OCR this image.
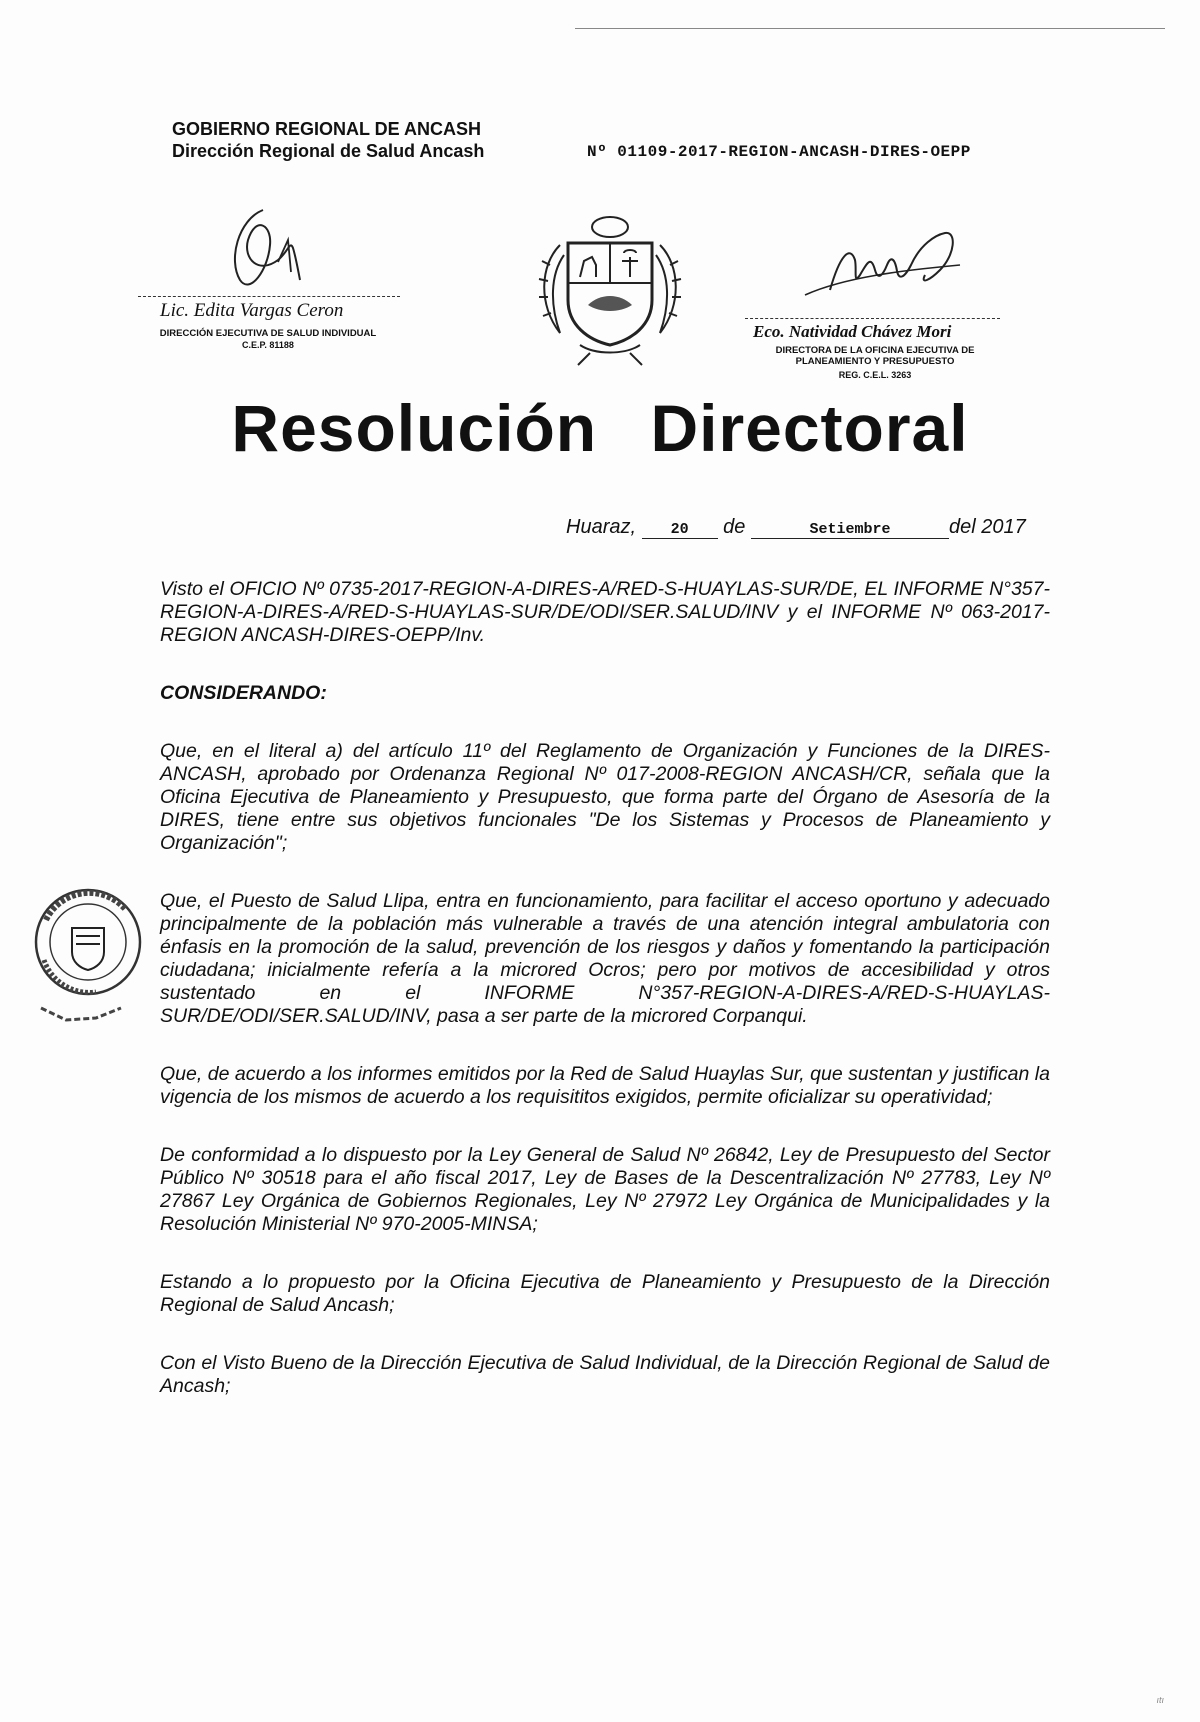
GOBIERNO REGIONAL DE ANCASH
Dirección Regional de Salud Ancash	Nº 01109-2017-REGION-ANCASH-DIRES-OEPP
Lic. Edita Vargas Ceron
DIRECCIÓN EJECUTIVA DE SALUD INDIVIDUAL
C.E.P. 81188
Eco. Natividad Chávez Mori
DIRECTORA DE LA OFICINA EJECUTIVA DE
PLANEAMIENTO Y PRESUPUESTO
REG. C.E.L. 3263
Resolución Directoral
Huaraz, 20 de	Setiembre	del 2017

Visto el OFICIO Nº 0735-2017-REGION-A-DIRES-A/RED-S-HUAYLAS-SUR/DE, EL INFORME N°357-REGION-A-DIRES-A/RED-S-HUAYLAS-SUR/DE/ODI/SER.SALUD/INV y el INFORME Nº 063-2017-REGION ANCASH-DIRES-OEPP/Inv.

CONSIDERANDO:

Que, en el literal a) del artículo 11º del Reglamento de Organización y Funciones de la DIRES-ANCASH, aprobado por Ordenanza Regional Nº 017-2008-REGION ANCASH/CR, señala que la Oficina Ejecutiva de Planeamiento y Presupuesto, que forma parte del Órgano de Asesoría de la DIRES, tiene entre sus objetivos funcionales "De los Sistemas y Procesos de Planeamiento y Organización";

Que, el Puesto de Salud Llipa, entra en funcionamiento, para facilitar el acceso oportuno y adecuado principalmente de la población más vulnerable a través de una atención integral ambulatoria con énfasis en la promoción de la salud, prevención de los riesgos y daños y fomentando la participación ciudadana; inicialmente refería a la microred Ocros; pero por motivos de accesibilidad y otros sustentado en el INFORME N°357-REGION-A-DIRES-A/RED-S-HUAYLAS-SUR/DE/ODI/SER.SALUD/INV, pasa a ser parte de la microred Corpanqui.

Que, de acuerdo a los informes emitidos por la Red de Salud Huaylas Sur, que sustentan y justifican la vigencia de los mismos de acuerdo a los requisititos exigidos, permite oficializar su operatividad;

De conformidad a lo dispuesto por la Ley General de Salud Nº 26842, Ley de Presupuesto del Sector Público Nº 30518 para el año fiscal 2017, Ley de Bases de la Descentralización Nº 27783, Ley Nº 27867 Ley Orgánica de Gobiernos Regionales, Ley Nº 27972 Ley Orgánica de Municipalidades y la Resolución Ministerial Nº 970-2005-MINSA;

Estando a lo propuesto por la Oficina Ejecutiva de Planeamiento y Presupuesto de la Dirección Regional de Salud Ancash;

Con el Visto Bueno de la Dirección Ejecutiva de Salud Individual, de la Dirección Regional de Salud de Ancash;

ıtı
